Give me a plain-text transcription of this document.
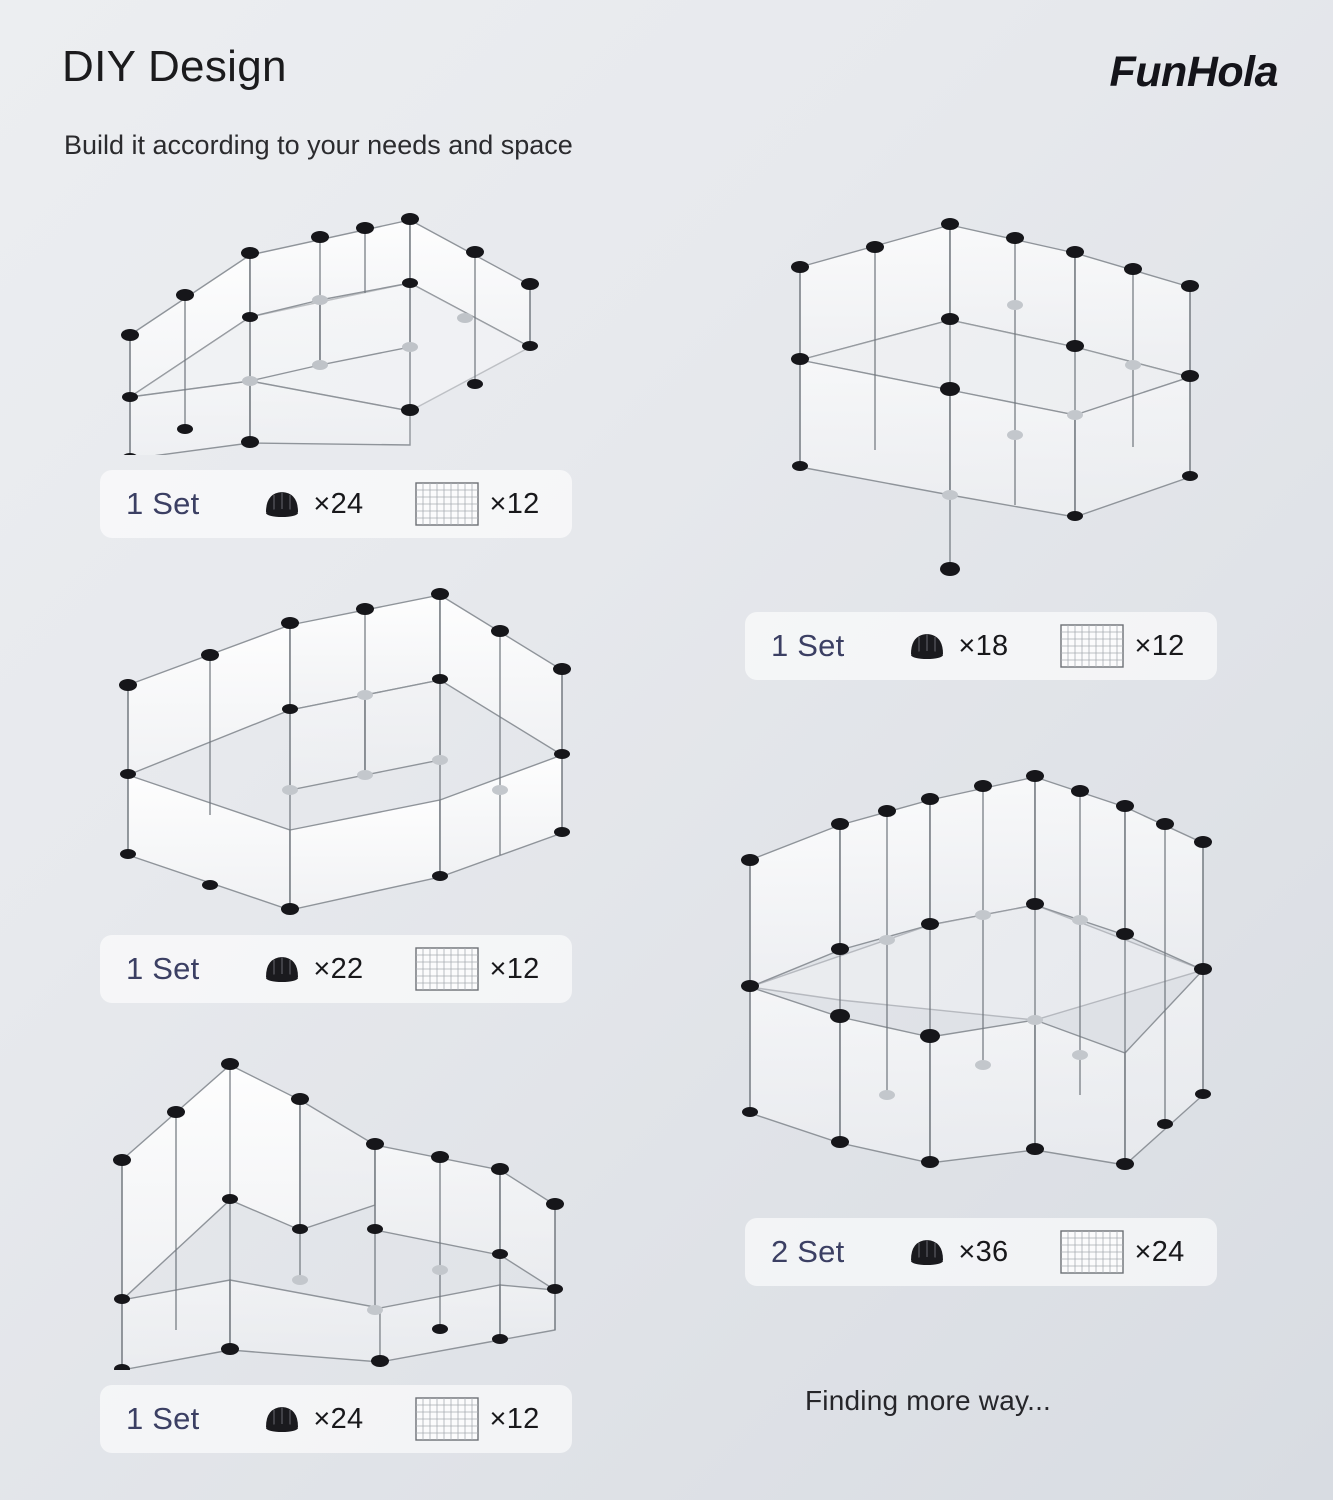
DIY Design
Build it according to your needs and space
FunHola
1 Set	×24	×12
1 Set	×22	×12
1 Set	×24	×12
1 Set	×18	×12
2 Set	×36	×24
Finding more way...
